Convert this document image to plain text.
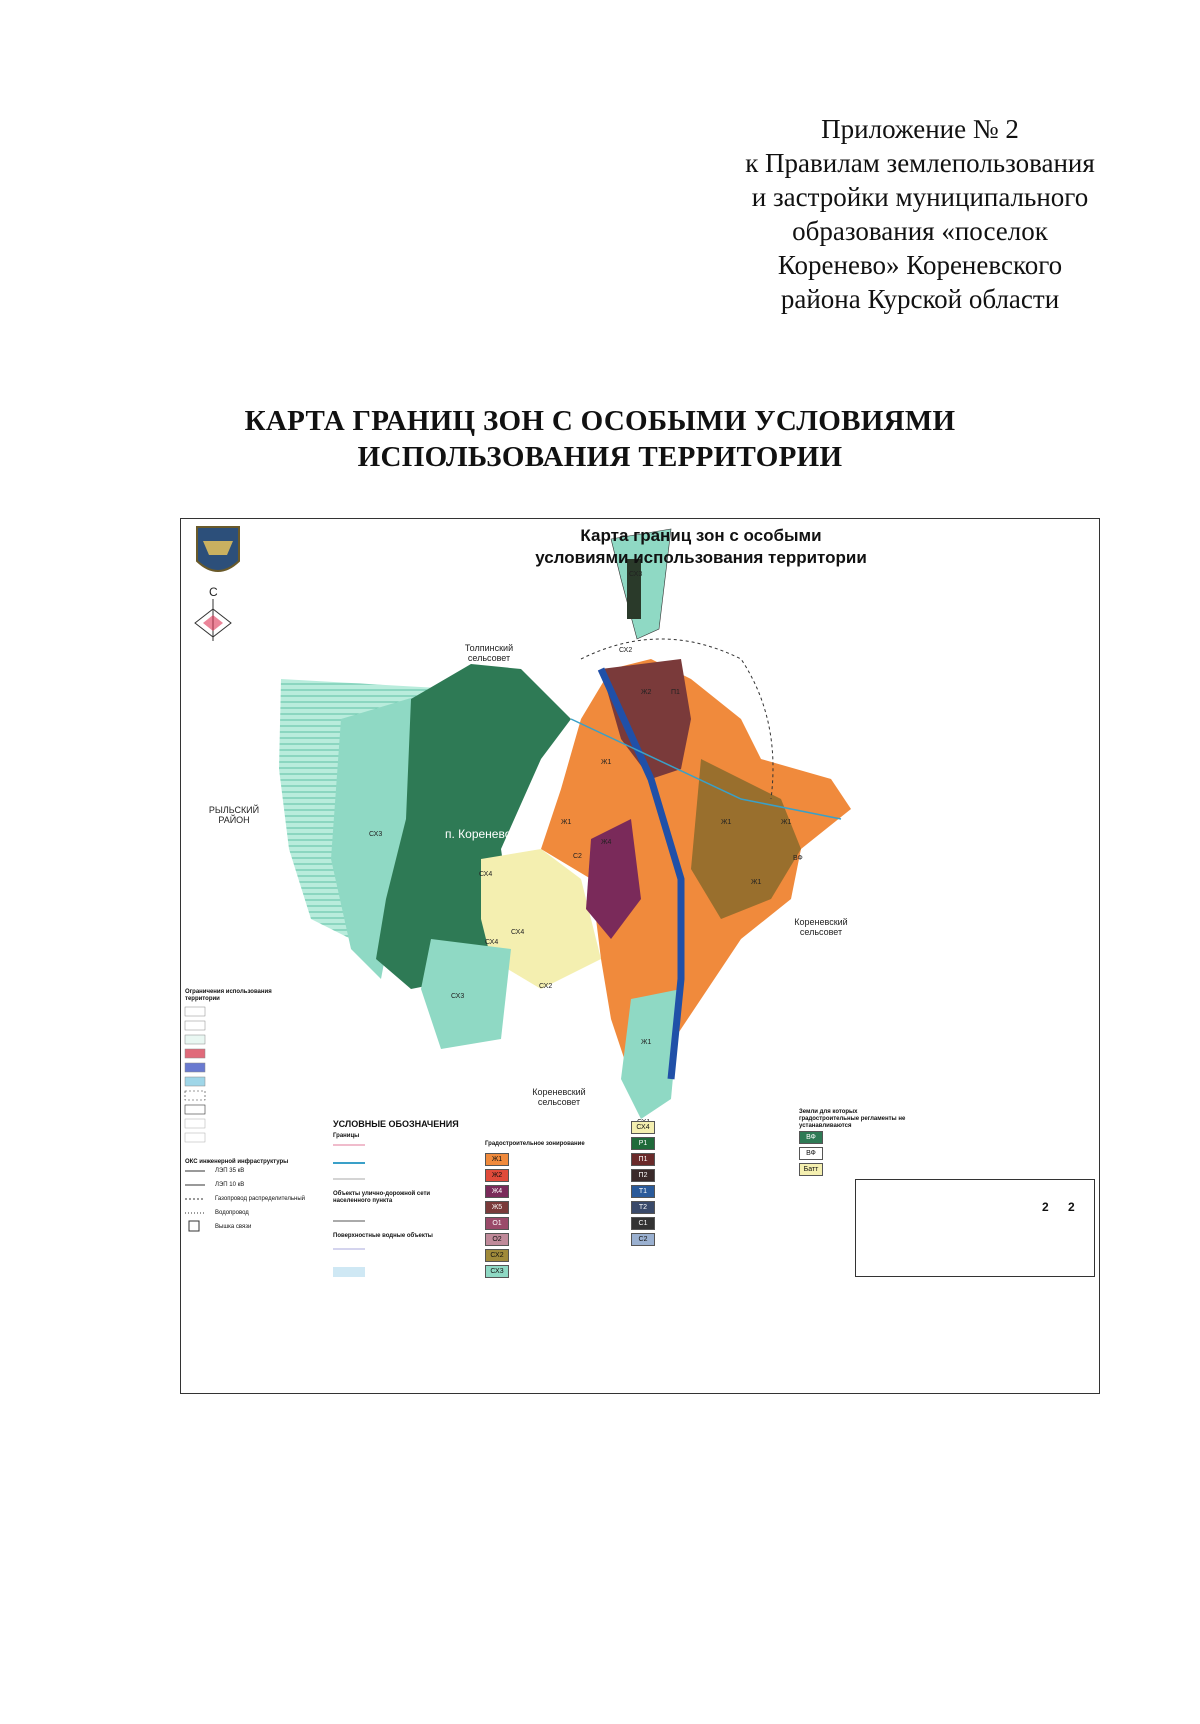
Приложение № 2
к Правилам землепользования
и застройки муниципального
образования «поселок
Коренево» Кореневского
района Курской области
КАРТА ГРАНИЦ ЗОН С ОСОБЫМИ УСЛОВИЯМИ
ИСПОЛЬЗОВАНИЯ ТЕРРИТОРИИ
Карта границ зон с особыми
условиями использования территории
С
Толпинский сельсовет
РЫЛЬСКИЙ РАЙОН
Кореневский сельсовет
Кореневский сельсовет
п. Коренево
СХ3
СХ2
СХ3
СХ4
СХ4
СХ4
СХ3
СХ2
Ж1
Ж1	Ж1	Ж1
Ж1
Ж2
Ж4
С2
Ж1
ВФ
П1
Ограничения использования территории
ОКС инженерной инфраструктуры
ЛЭП 35 кВ
ЛЭП 10 кВ
Газопровод распределительный
Водопровод
Вышка связи
УСЛОВНЫЕ ОБОЗНАЧЕНИЯ
Границы
Объекты улично-дорожной сети населенного пункта
Поверхностные водные объекты
Градостроительное зонирование
Ж1
Ж2
Ж4
Ж5
О1
О2
СХ2
СХ3
СХ4
Р1
П1
П2
Т1
Т2
С1
С2
Земли для которых градостроительные регламенты не устанавливаются
ВФ
ВФ
Батт
2 2
